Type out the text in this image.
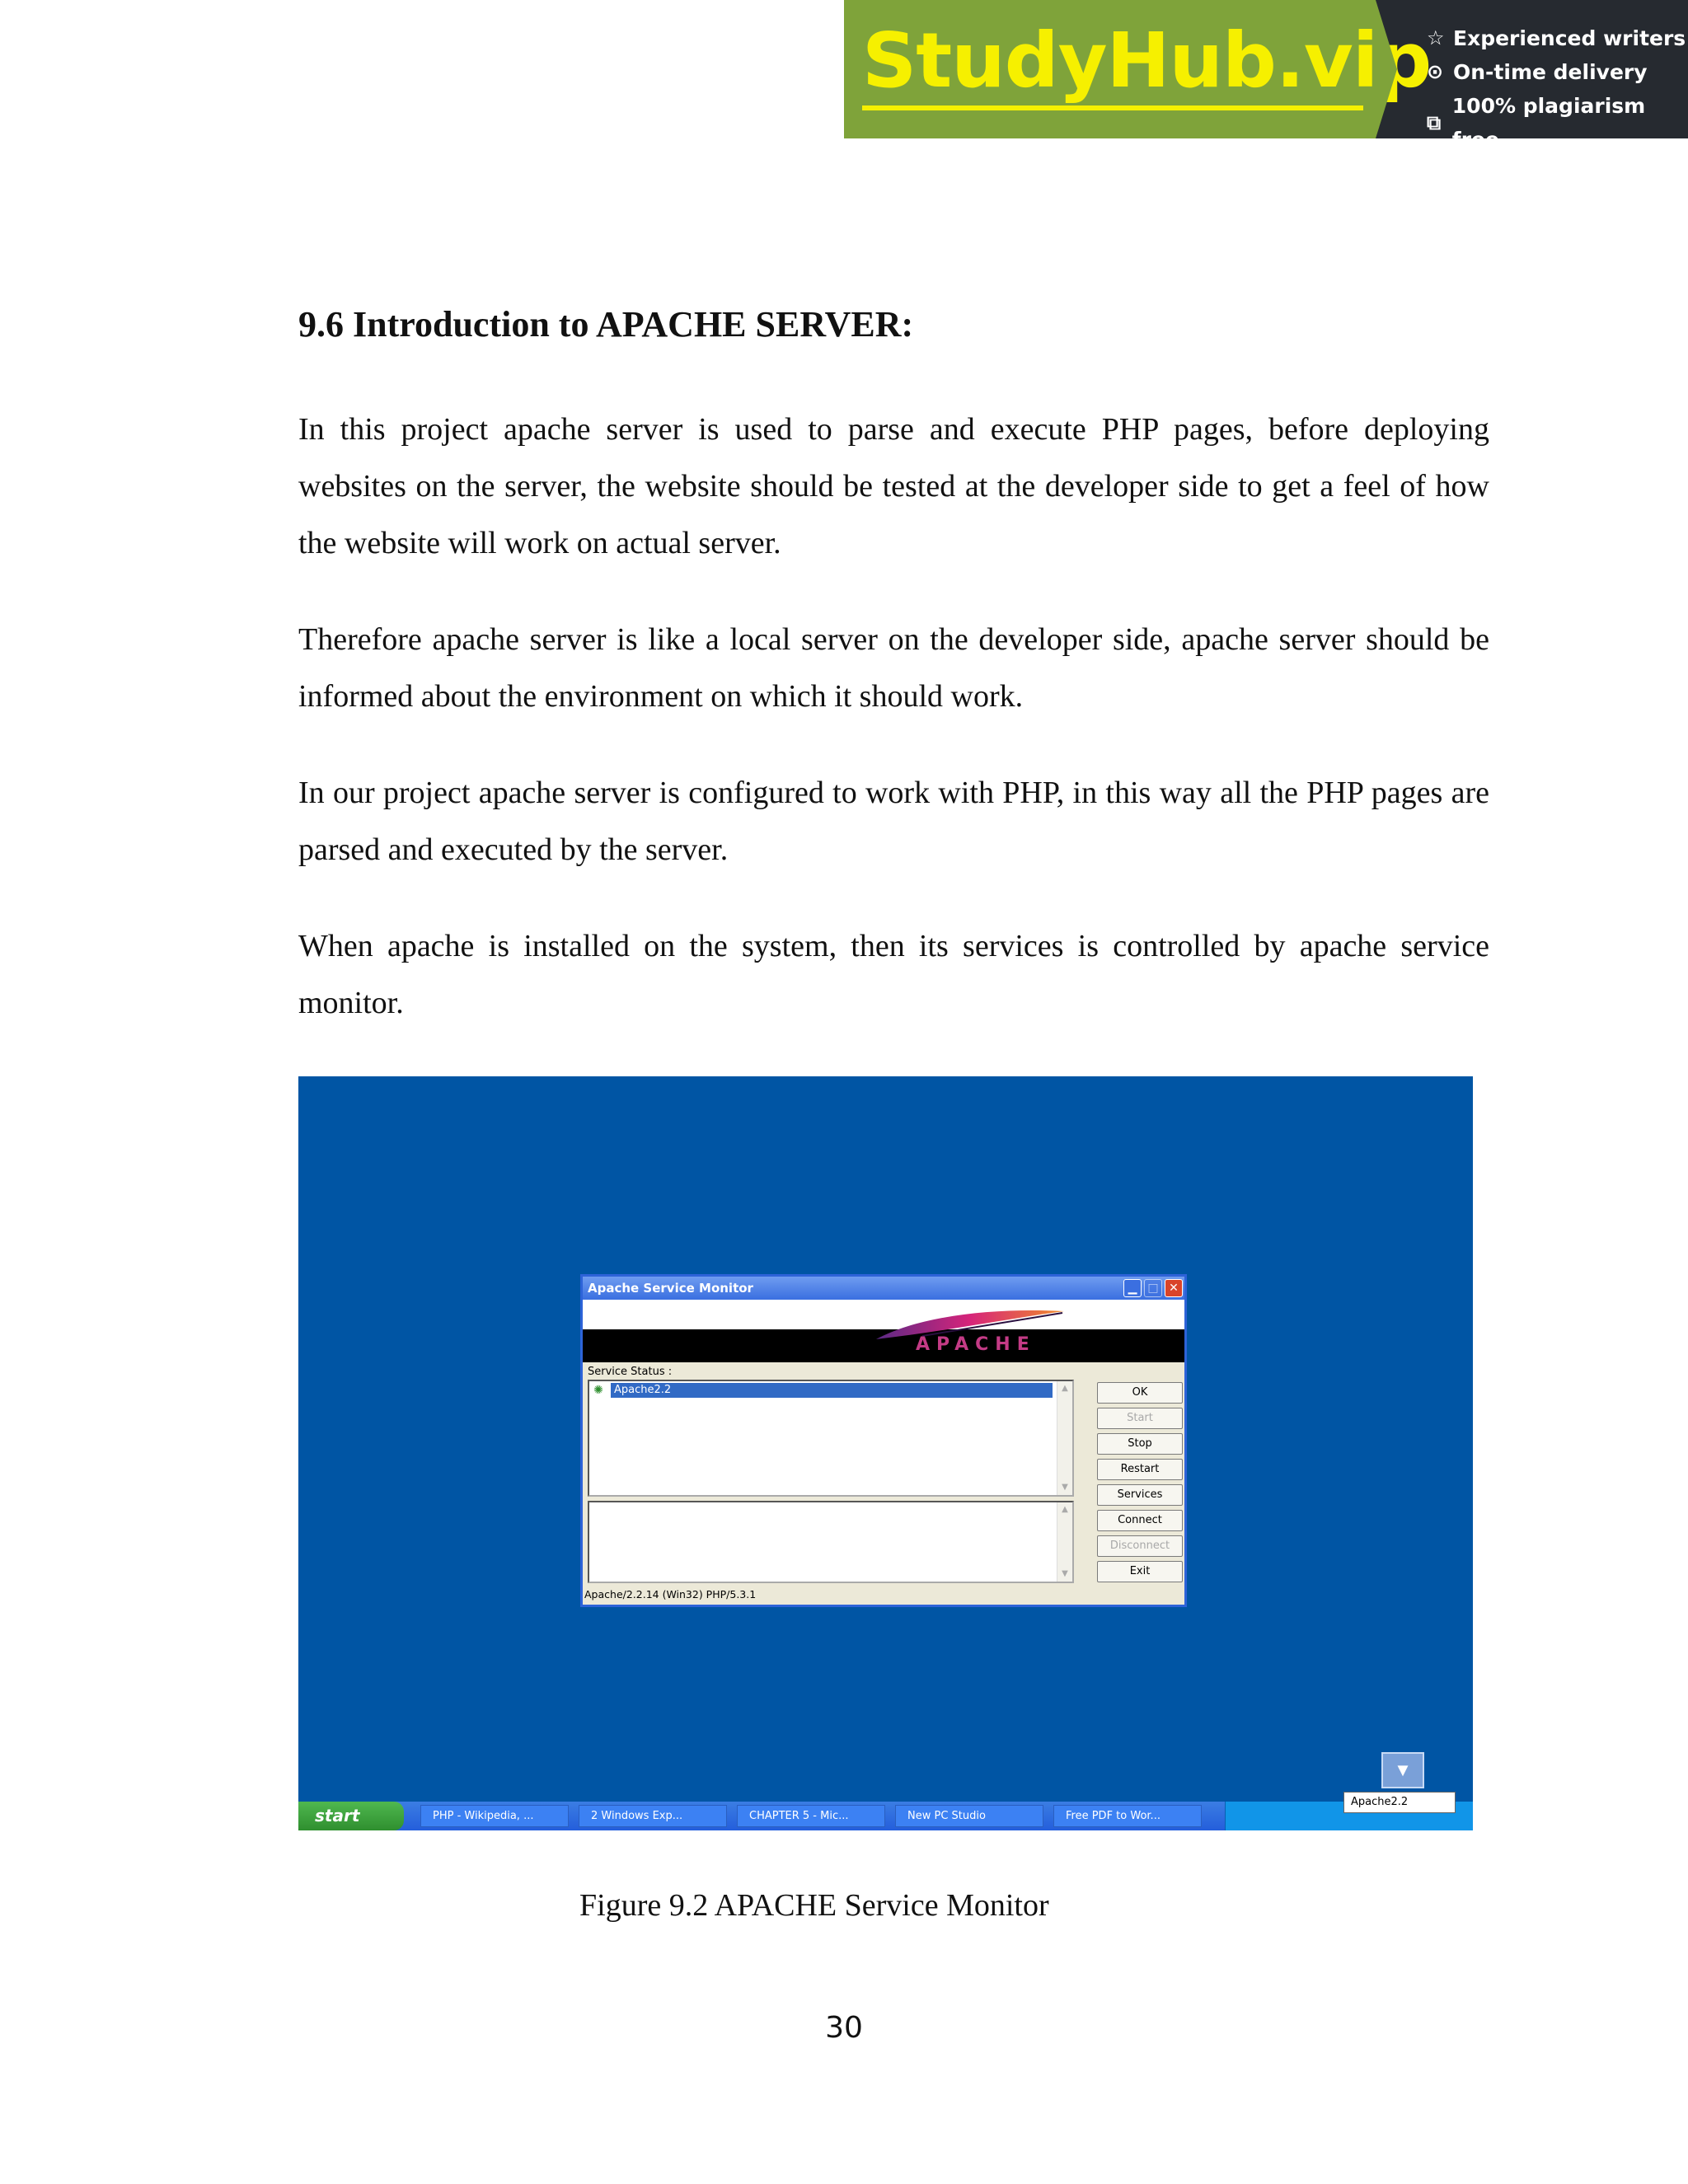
StudyHub.vip
☆ Experienced writers
⊙ On-time delivery
⧉
100% plagiarism free
9.6 Introduction to APACHE SERVER:
In this project apache server is used to parse and execute PHP pages, before deploying websites on the server, the website should be tested at the developer side to get a feel of how the website will work on actual server.
Therefore apache server is like a local server on the developer side, apache server should be informed about the environment on which it should work.
In our project apache server is configured to work with PHP, in this way all the PHP pages are parsed and executed by the server.
When apache is installed on the system, then its services is controlled by apache service monitor.
Apache Service Monitor	▁ □ ✕
APACHE
Service Status :
✺	Apache2.2	▲
▼
▲
▼
OK
Start
Stop
Restart
Services
Connect
Disconnect
Exit
Apache/2.2.14 (Win32) PHP/5.3.1
▼
start	PHP - Wikipedia, ...	2 Windows Exp...	CHAPTER 5 - Mic...	New PC Studio	Free PDF to Wor...
Apache2.2
Figure 9.2 APACHE Service Monitor
30
